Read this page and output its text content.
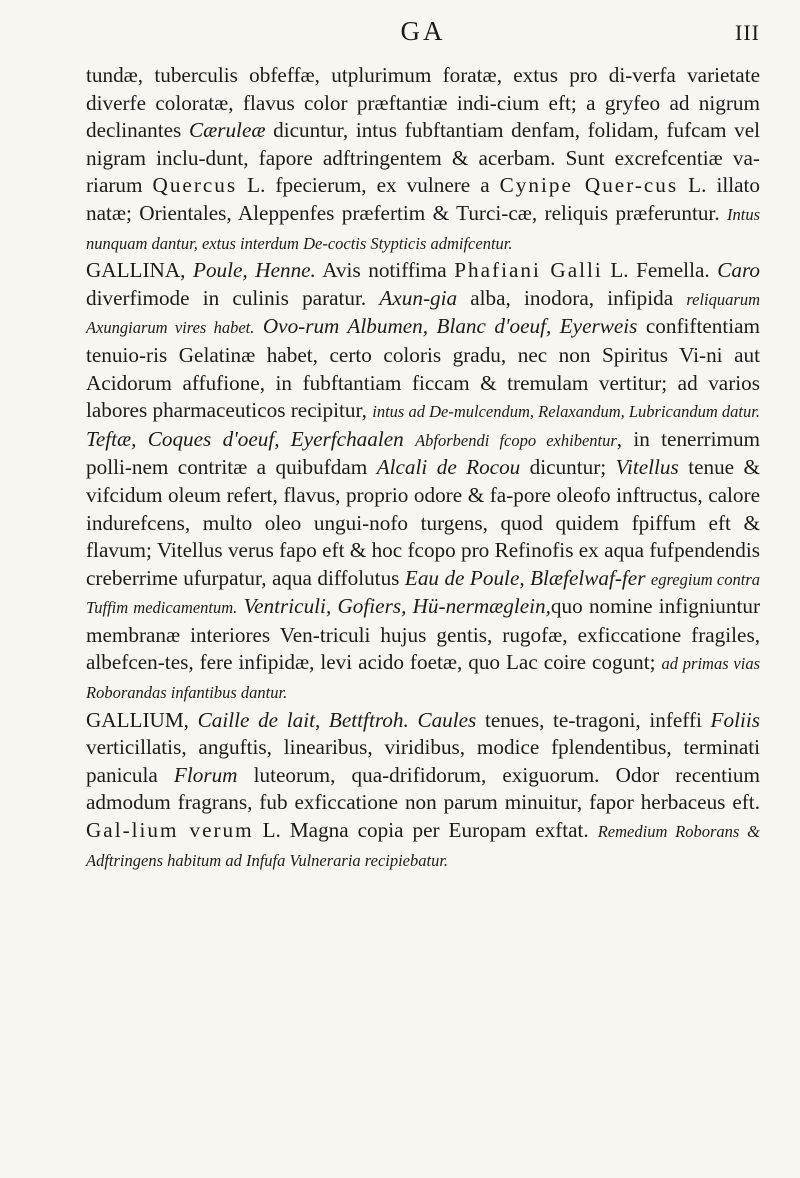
GA	III

tundæ, tuberculis obfeffæ, utplurimum foratæ, extus pro di-verfa varietate diverfe coloratæ, flavus color præftantiæ indi-cium eft; a gryfeo ad nigrum declinantes Cæruleæ dicuntur, intus fubftantiam denfam, folidam, fufcam vel nigram inclu-dunt, fapore adftringentem & acerbam. Sunt excrefcentiæ va-riarum Quercus L. fpecierum, ex vulnere a Cynipe Quer-cus L. illato natæ; Orientales, Aleppenfes præfertim & Turci-cæ, reliquis præferuntur. Intus nunquam dantur, extus interdum De-coctis Stypticis admifcentur.

GALLINA, Poule, Henne. Avis notiffima Phafiani Galli L. Femella. Caro diverfimode in culinis paratur. Axun-gia alba, inodora, infipida reliquarum Axungiarum vires habet. Ovo-rum Albumen, Blanc d'oeuf, Eyerweis confiftentiam tenuio-ris Gelatinæ habet, certo coloris gradu, nec non Spiritus Vi-ni aut Acidorum affufione, in fubftantiam ficcam & tremulam vertitur; ad varios labores pharmaceuticos recipitur, intus ad De-mulcendum, Relaxandum, Lubricandum datur. Teftæ, Coques d'oeuf, Eyerfchaalen Abforbendi fcopo exhibentur, in tenerrimum polli-nem contritæ a quibufdam Alcali de Rocou dicuntur; Vitellus tenue & vifcidum oleum refert, flavus, proprio odore & fa-pore oleofo inftructus, calore indurefcens, multo oleo ungui-nofo turgens, quod quidem fpiffum eft & flavum; Vitellus verus fapo eft & hoc fcopo pro Refinofis ex aqua fufpendendis creberrime ufurpatur, aqua diffolutus Eau de Poule, Blæfelwaf-fer egregium contra Tuffim medicamentum. Ventriculi, Gofiers, Hü-nermæglein,quo nomine infigniuntur membranæ interiores Ven-triculi hujus gentis, rugofæ, exficcatione fragiles, albefcen-tes, fere infipidæ, levi acido foetæ, quo Lac coire cogunt; ad primas vias Roborandas infantibus dantur.

GALLIUM, Caille de lait, Bettftroh. Caules tenues, te-tragoni, infeffi Foliis verticillatis, anguftis, linearibus, viridibus, modice fplendentibus, terminati panicula Florum luteorum, qua-drifidorum, exiguorum. Odor recentium admodum fragrans, fub exficcatione non parum minuitur, fapor herbaceus eft. Gal-lium verum L. Magna copia per Europam exftat. Remedium Roborans & Adftringens habitum ad Infufa Vulneraria recipiebatur.
